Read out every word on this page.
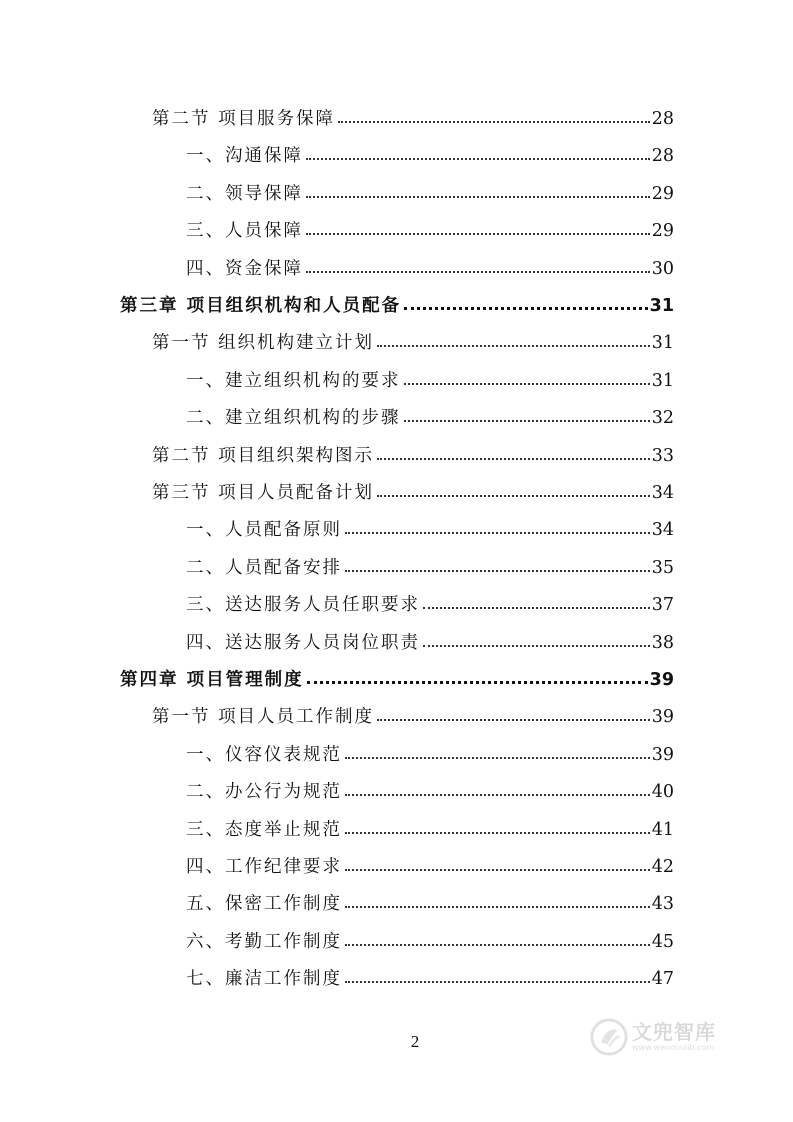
第二节 项目服务保障	28
一、沟通保障	28
二、领导保障	29
三、人员保障	29
四、资金保障	30
第三章 项目组织机构和人员配备	31
第一节 组织机构建立计划	31
一、建立组织机构的要求	31
二、建立组织机构的步骤	32
第二节 项目组织架构图示	33
第三节 项目人员配备计划	34
一、人员配备原则	34
二、人员配备安排	35
三、送达服务人员任职要求	37
四、送达服务人员岗位职责	38
第四章 项目管理制度	39
第一节 项目人员工作制度	39
一、仪容仪表规范	39
二、办公行为规范	40
三、态度举止规范	41
四、工作纪律要求	42
五、保密工作制度	43
六、考勤工作制度	45
七、廉洁工作制度	47
2	文兜智库
www.wendoulib.com
